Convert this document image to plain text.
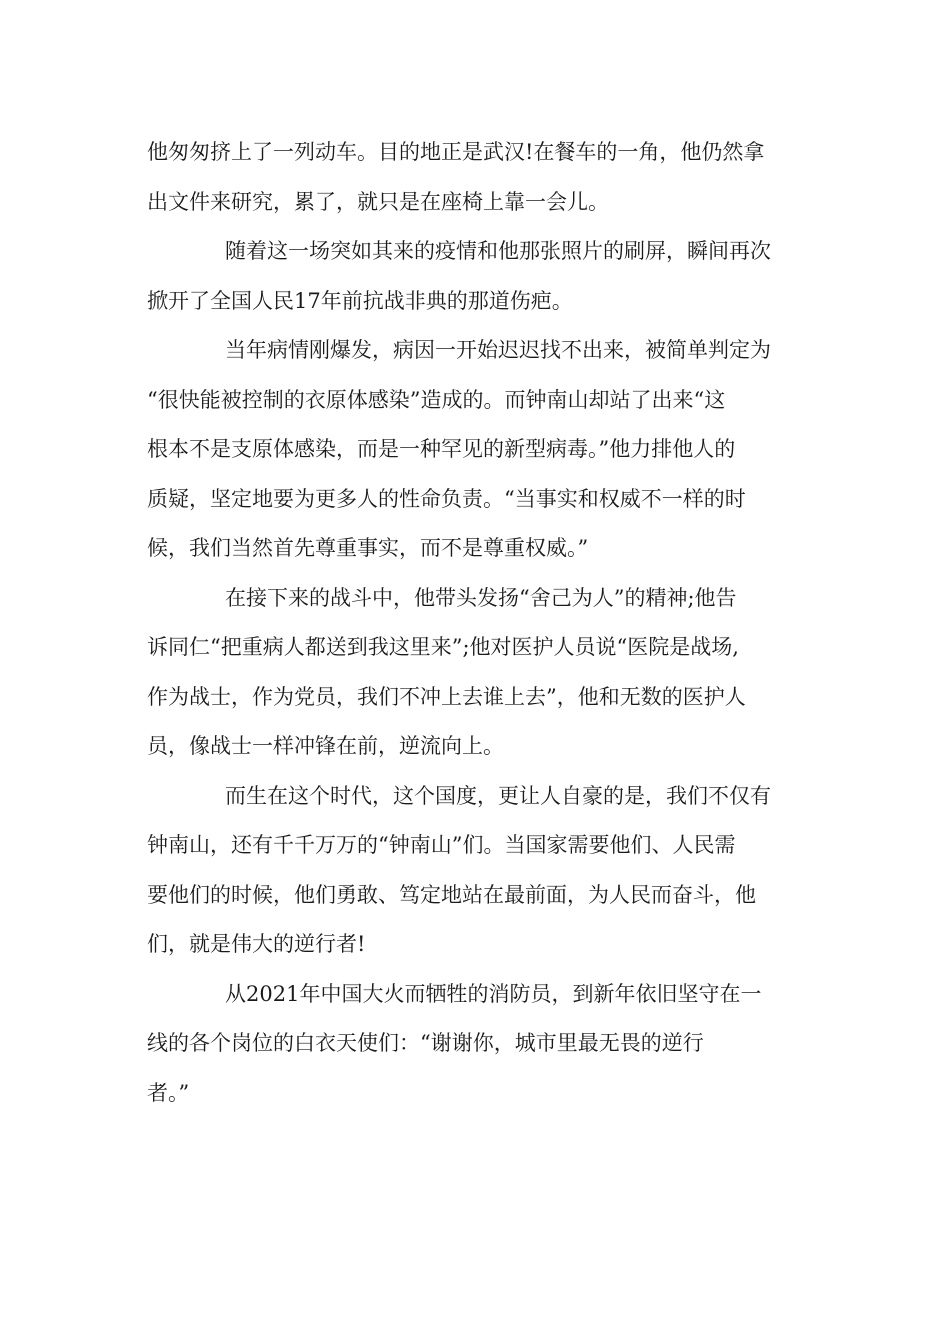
他匆匆挤上了一列动车。目的地正是武汉!在餐车的一角，他仍然拿
出文件来研究，累了，就只是在座椅上靠一会儿。
随着这一场突如其来的疫情和他那张照片的刷屏，瞬间再次
掀开了全国人民17年前抗战非典的那道伤疤。
当年病情刚爆发，病因一开始迟迟找不出来，被简单判定为
“很快能被控制的衣原体感染”造成的。而钟南山却站了出来“这
根本不是支原体感染，而是一种罕见的新型病毒。”他力排他人的
质疑，坚定地要为更多人的性命负责。“当事实和权威不一样的时
候，我们当然首先尊重事实，而不是尊重权威。”
在接下来的战斗中，他带头发扬“舍己为人”的精神;他告
诉同仁“把重病人都送到我这里来”;他对医护人员说“医院是战场,
作为战士，作为党员，我们不冲上去谁上去”，他和无数的医护人
员，像战士一样冲锋在前，逆流向上。
而生在这个时代，这个国度，更让人自豪的是，我们不仅有
钟南山，还有千千万万的“钟南山”们。当国家需要他们、人民需
要他们的时候，他们勇敢、笃定地站在最前面，为人民而奋斗，他
们，就是伟大的逆行者!
从2021年中国大火而牺牲的消防员，到新年依旧坚守在一
线的各个岗位的白衣天使们：“谢谢你，城市里最无畏的逆行
者。”
